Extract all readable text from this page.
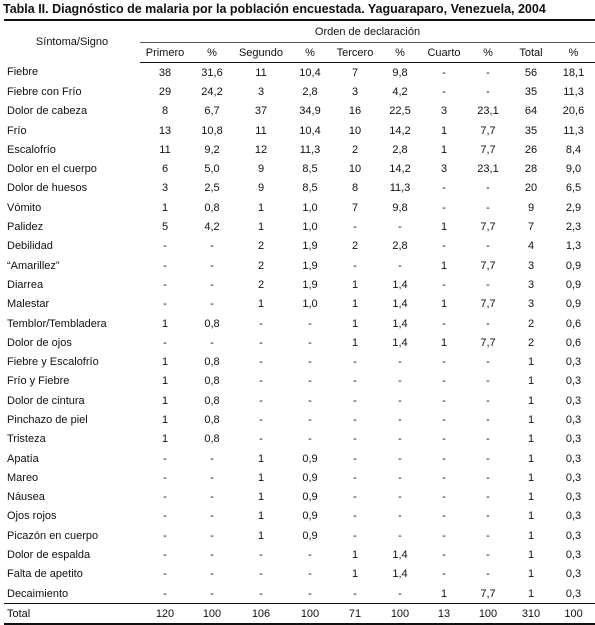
Tabla II. Diagnóstico de malaria por la población encuestada. Yaguaraparo, Venezuela, 2004
Síntoma/Signo	Orden de declaración									
	Primero	%	Segundo	%	Tercero	%	Cuarto	%	Total	%
Fiebre	38	31,6	11	10,4	7	9,8	-	-	56	18,1
Fiebre con Frío	29	24,2	3	2,8	3	4,2	-	-	35	11,3
Dolor de cabeza	8	6,7	37	34,9	16	22,5	3	23,1	64	20,6
Frío	13	10,8	11	10,4	10	14,2	1	7,7	35	11,3
Escalofrío	11	9,2	12	11,3	2	2,8	1	7,7	26	8,4
Dolor en el cuerpo	6	5,0	9	8,5	10	14,2	3	23,1	28	9,0
Dolor de huesos	3	2,5	9	8,5	8	11,3	-	-	20	6,5
Vómito	1	0,8	1	1,0	7	9,8	-	-	9	2,9
Palidez	5	4,2	1	1,0	-	-	1	7,7	7	2,3
Debilidad	-	-	2	1,9	2	2,8	-	-	4	1,3
“Amarillez”	-	-	2	1,9	-	-	1	7,7	3	0,9
Diarrea	-	-	2	1,9	1	1,4	-	-	3	0,9
Malestar	-	-	1	1,0	1	1,4	1	7,7	3	0,9
Temblor/Tembladera	1	0,8	-	-	1	1,4	-	-	2	0,6
Dolor de ojos	-	-	-	-	1	1,4	1	7,7	2	0,6
Fiebre y Escalofrío	1	0,8	-	-	-	-	-	-	1	0,3
Frío y Fiebre	1	0,8	-	-	-	-	-	-	1	0,3
Dolor de cintura	1	0,8	-	-	-	-	-	-	1	0,3
Pinchazo de piel	1	0,8	-	-	-	-	-	-	1	0,3
Tristeza	1	0,8	-	-	-	-	-	-	1	0,3
Apatía	-	-	1	0,9	-	-	-	-	1	0,3
Mareo	-	-	1	0,9	-	-	-	-	1	0,3
Náusea	-	-	1	0,9	-	-	-	-	1	0,3
Ojos rojos	-	-	1	0,9	-	-	-	-	1	0,3
Picazón en cuerpo	-	-	1	0,9	-	-	-	-	1	0,3
Dolor de espalda	-	-	-	-	1	1,4	-	-	1	0,3
Falta de apetito	-	-	-	-	1	1,4	-	-	1	0,3
Decaimiento	-	-	-	-	-	-	1	7,7	1	0,3
Total	120	100	106	100	71	100	13	100	310	100
